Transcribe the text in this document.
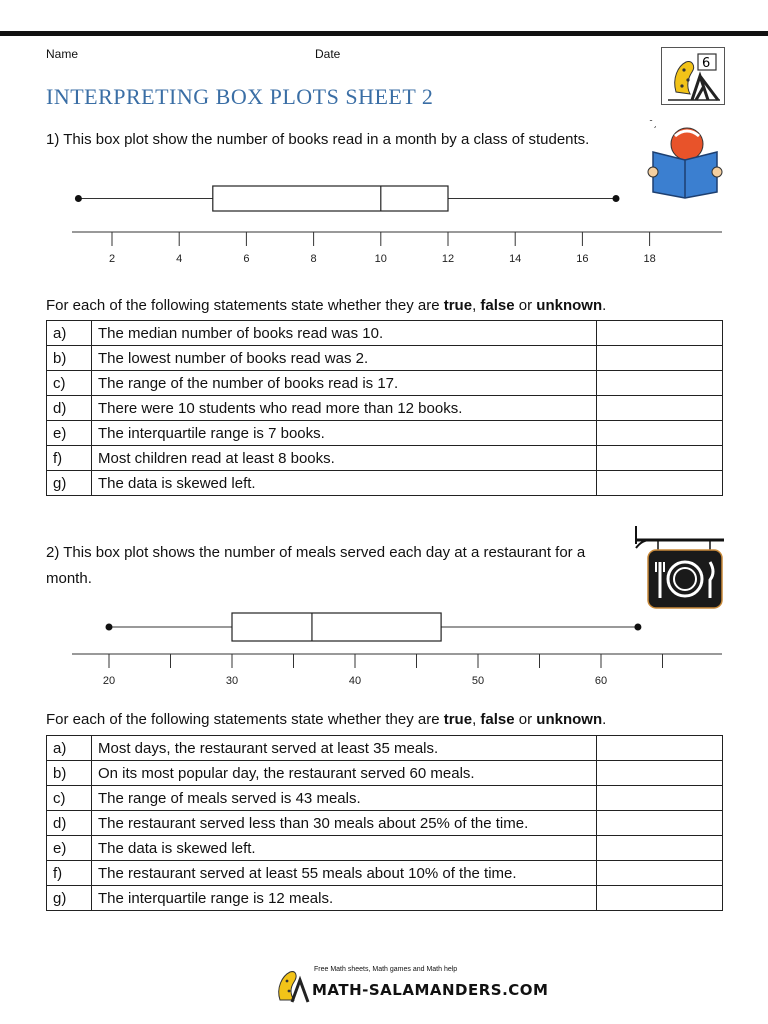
Name	Date
6
INTERPRETING BOX PLOTS SHEET 2
1) This box plot show the number of books read in a month by a class of students.
¯¸
2	4	6	8	10	12	14	16	18
For each of the following statements state whether they are true, false or unknown.
a)	The median number of books read was 10.	
b)	The lowest number of books read was 2.	
c)	The range of the number of books read is 17.	
d)	There were 10 students who read more than 12 books.	
e)	The interquartile range is 7 books.	
f)	Most children read at least 8 books.	
g)	The data is skewed left.	
2) This box plot shows the number of meals served each day at a restaurant for a
month.
20	30	40	50	60
For each of the following statements state whether they are true, false or unknown.
a)	Most days, the restaurant served at least 35 meals.	
b)	On its most popular day, the restaurant served 60 meals.	
c)	The range of meals served is 43 meals.	
d)	The restaurant served less than 30 meals about 25% of the time.	
e)	The data is skewed left.	
f)	The restaurant served at least 55 meals about 10% of the time.	
g)	The interquartile range is 12 meals.	
Free Math sheets, Math games and Math help
MATH-SALAMANDERS.COM
